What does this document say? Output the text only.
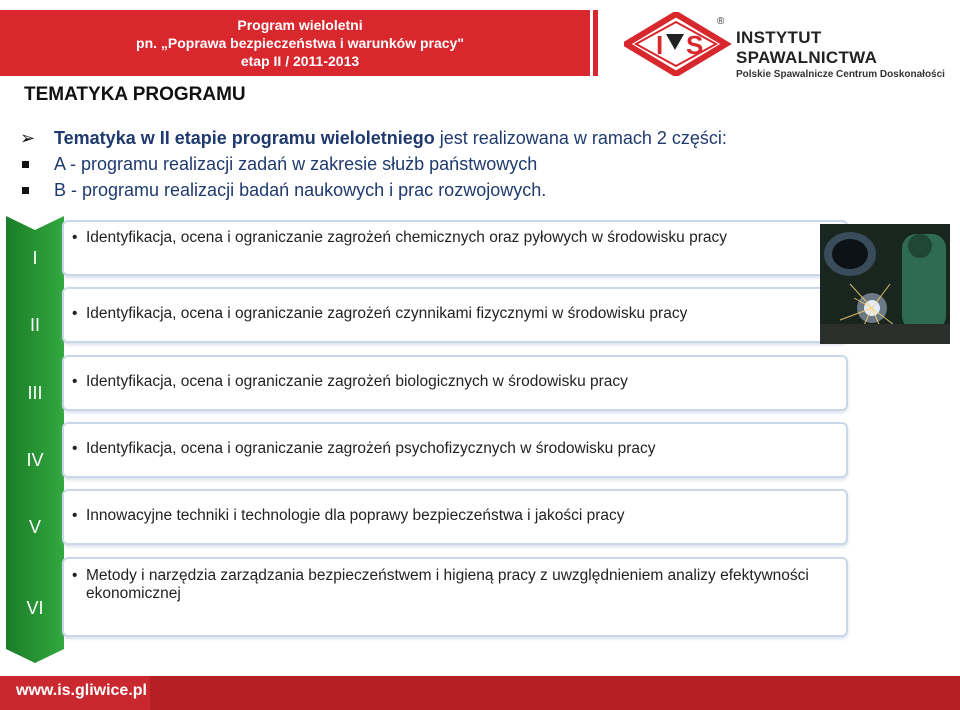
Program wieloletni
pn. „Poprawa bezpieczeństwa i warunków pracy"
etap II / 2011-2013
I S
®
INSTYTUT SPAWALNICTWA
Polskie Spawalnicze Centrum Doskonałości
TEMATYKA PROGRAMU
➢ Tematyka w II etapie programu wieloletniego jest realizowana w ramach 2 części:
A - programu realizacji zadań w zakresie służb państwowych
B - programu realizacji badań naukowych i prac rozwojowych.
I
• Identyfikacja, ocena i ograniczanie zagrożeń chemicznych oraz pyłowych w środowisku pracy
II
• Identyfikacja, ocena i ograniczanie zagrożeń czynnikami fizycznymi w środowisku pracy
III
• Identyfikacja, ocena i ograniczanie zagrożeń biologicznych w środowisku pracy
IV
• Identyfikacja, ocena i ograniczanie zagrożeń psychofizycznych w środowisku pracy
V
• Innowacyjne techniki i technologie dla poprawy bezpieczeństwa i jakości pracy
VI
• Metody i narzędzia zarządzania bezpieczeństwem i higieną pracy z uwzględnieniem analizy efektywności ekonomicznej
www.is.gliwice.pl
